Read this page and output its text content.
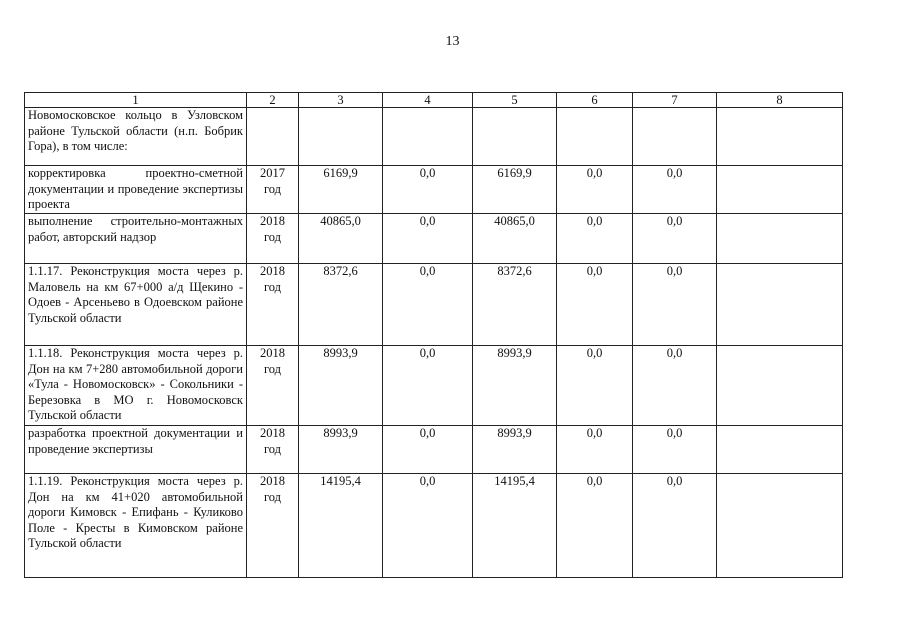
13
1	2	3	4	5	6	7	8
Новомосковское кольцо в Узловском районе Тульской области (н.п. Бобрик Гора), в том числе:							
корректировка проектно-сметной документации и проведение экспертизы проекта	2017 год	6169,9	0,0	6169,9	0,0	0,0	
выполнение строительно-монтажных работ, авторский надзор	2018 год	40865,0	0,0	40865,0	0,0	0,0	
1.1.17. Реконструкция моста через р. Маловель на км 67+000 а/д Щекино - Одоев - Арсеньево в Одоевском районе Тульской области	2018 год	8372,6	0,0	8372,6	0,0	0,0	
1.1.18. Реконструкция моста через р. Дон на км 7+280 автомобильной дороги «Тула - Новомосковск» - Сокольники - Березовка в МО г. Новомосковск Тульской области	2018 год	8993,9	0,0	8993,9	0,0	0,0	
разработка проектной документации и проведение экспертизы	2018 год	8993,9	0,0	8993,9	0,0	0,0	
1.1.19. Реконструкция моста через р. Дон на км 41+020 автомобильной дороги Кимовск - Епифань - Куликово Поле - Кресты в Кимовском районе Тульской области	2018 год	14195,4	0,0	14195,4	0,0	0,0	
